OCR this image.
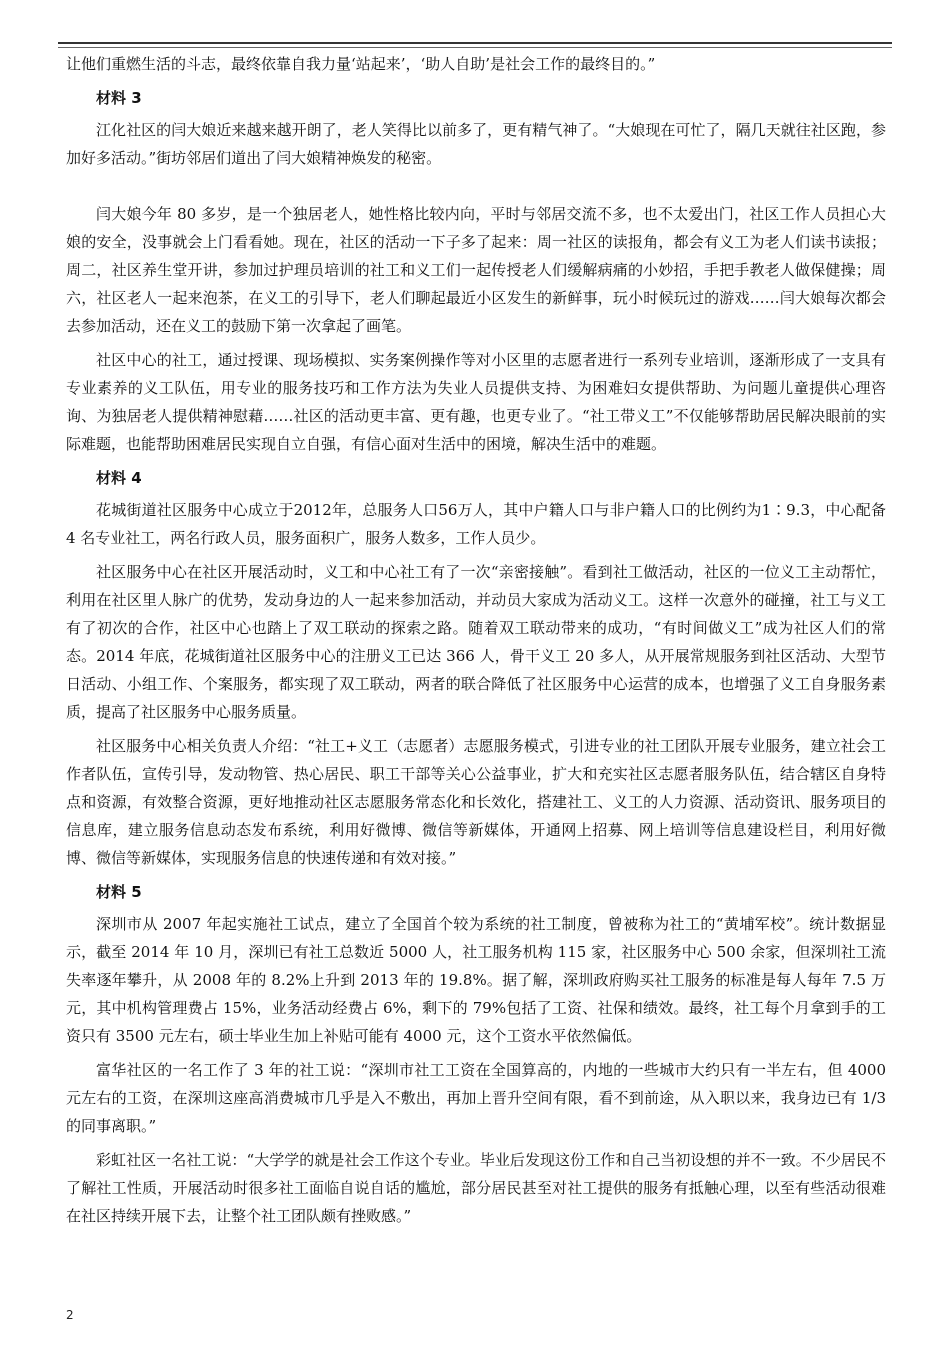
让他们重燃生活的斗志，最终依靠自我力量‘站起来’，‘助人自助’是社会工作的最终目的。”

材料 3

江化社区的闫大娘近来越来越开朗了，老人笑得比以前多了，更有精气神了。“大娘现在可忙了，隔几天就往社区跑，参加好多活动。”街坊邻居们道出了闫大娘精神焕发的秘密。

闫大娘今年 80 多岁，是一个独居老人，她性格比较内向，平时与邻居交流不多，也不太爱出门，社区工作人员担心大娘的安全，没事就会上门看看她。现在，社区的活动一下子多了起来：周一社区的读报角，都会有义工为老人们读书读报；周二，社区养生堂开讲，参加过护理员培训的社工和义工们一起传授老人们缓解病痛的小妙招，手把手教老人做保健操；周六，社区老人一起来泡茶，在义工的引导下，老人们聊起最近小区发生的新鲜事，玩小时候玩过的游戏……闫大娘每次都会去参加活动，还在义工的鼓励下第一次拿起了画笔。

社区中心的社工，通过授课、现场模拟、实务案例操作等对小区里的志愿者进行一系列专业培训，逐渐形成了一支具有专业素养的义工队伍，用专业的服务技巧和工作方法为失业人员提供支持、为困难妇女提供帮助、为问题儿童提供心理咨询、为独居老人提供精神慰藉……社区的活动更丰富、更有趣，也更专业了。“社工带义工”不仅能够帮助居民解决眼前的实际难题，也能帮助困难居民实现自立自强，有信心面对生活中的困境，解决生活中的难题。

材料 4

花城街道社区服务中心成立于2012年，总服务人口56万人，其中户籍人口与非户籍人口的比例约为1∶9.3，中心配备 4 名专业社工，两名行政人员，服务面积广，服务人数多，工作人员少。

社区服务中心在社区开展活动时，义工和中心社工有了一次“亲密接触”。看到社工做活动，社区的一位义工主动帮忙，利用在社区里人脉广的优势，发动身边的人一起来参加活动，并动员大家成为活动义工。这样一次意外的碰撞，社工与义工有了初次的合作，社区中心也踏上了双工联动的探索之路。随着双工联动带来的成功，“有时间做义工”成为社区人们的常态。2014 年底，花城街道社区服务中心的注册义工已达 366 人，骨干义工 20 多人，从开展常规服务到社区活动、大型节日活动、小组工作、个案服务，都实现了双工联动，两者的联合降低了社区服务中心运营的成本，也增强了义工自身服务素质，提高了社区服务中心服务质量。

社区服务中心相关负责人介绍：“社工+义工（志愿者）志愿服务模式，引进专业的社工团队开展专业服务，建立社会工作者队伍，宣传引导，发动物管、热心居民、职工干部等关心公益事业，扩大和充实社区志愿者服务队伍，结合辖区自身特点和资源，有效整合资源，更好地推动社区志愿服务常态化和长效化，搭建社工、义工的人力资源、活动资讯、服务项目的信息库，建立服务信息动态发布系统，利用好微博、微信等新媒体，开通网上招募、网上培训等信息建设栏目，利用好微博、微信等新媒体，实现服务信息的快速传递和有效对接。”

材料 5

深圳市从 2007 年起实施社工试点，建立了全国首个较为系统的社工制度，曾被称为社工的“黄埔军校”。统计数据显示，截至 2014 年 10 月，深圳已有社工总数近 5000 人，社工服务机构 115 家，社区服务中心 500 余家，但深圳社工流失率逐年攀升，从 2008 年的 8.2%上升到 2013 年的 19.8%。据了解，深圳政府购买社工服务的标准是每人每年 7.5 万元，其中机构管理费占 15%，业务活动经费占 6%，剩下的 79%包括了工资、社保和绩效。最终，社工每个月拿到手的工资只有 3500 元左右，硕士毕业生加上补贴可能有 4000 元，这个工资水平依然偏低。

富华社区的一名工作了 3 年的社工说：“深圳市社工工资在全国算高的，内地的一些城市大约只有一半左右，但 4000 元左右的工资，在深圳这座高消费城市几乎是入不敷出，再加上晋升空间有限，看不到前途，从入职以来，我身边已有 1/3 的同事离职。”

彩虹社区一名社工说：“大学学的就是社会工作这个专业。毕业后发现这份工作和自己当初设想的并不一致。不少居民不了解社工性质，开展活动时很多社工面临自说自话的尴尬，部分居民甚至对社工提供的服务有抵触心理，以至有些活动很难在社区持续开展下去，让整个社工团队颇有挫败感。”

2
